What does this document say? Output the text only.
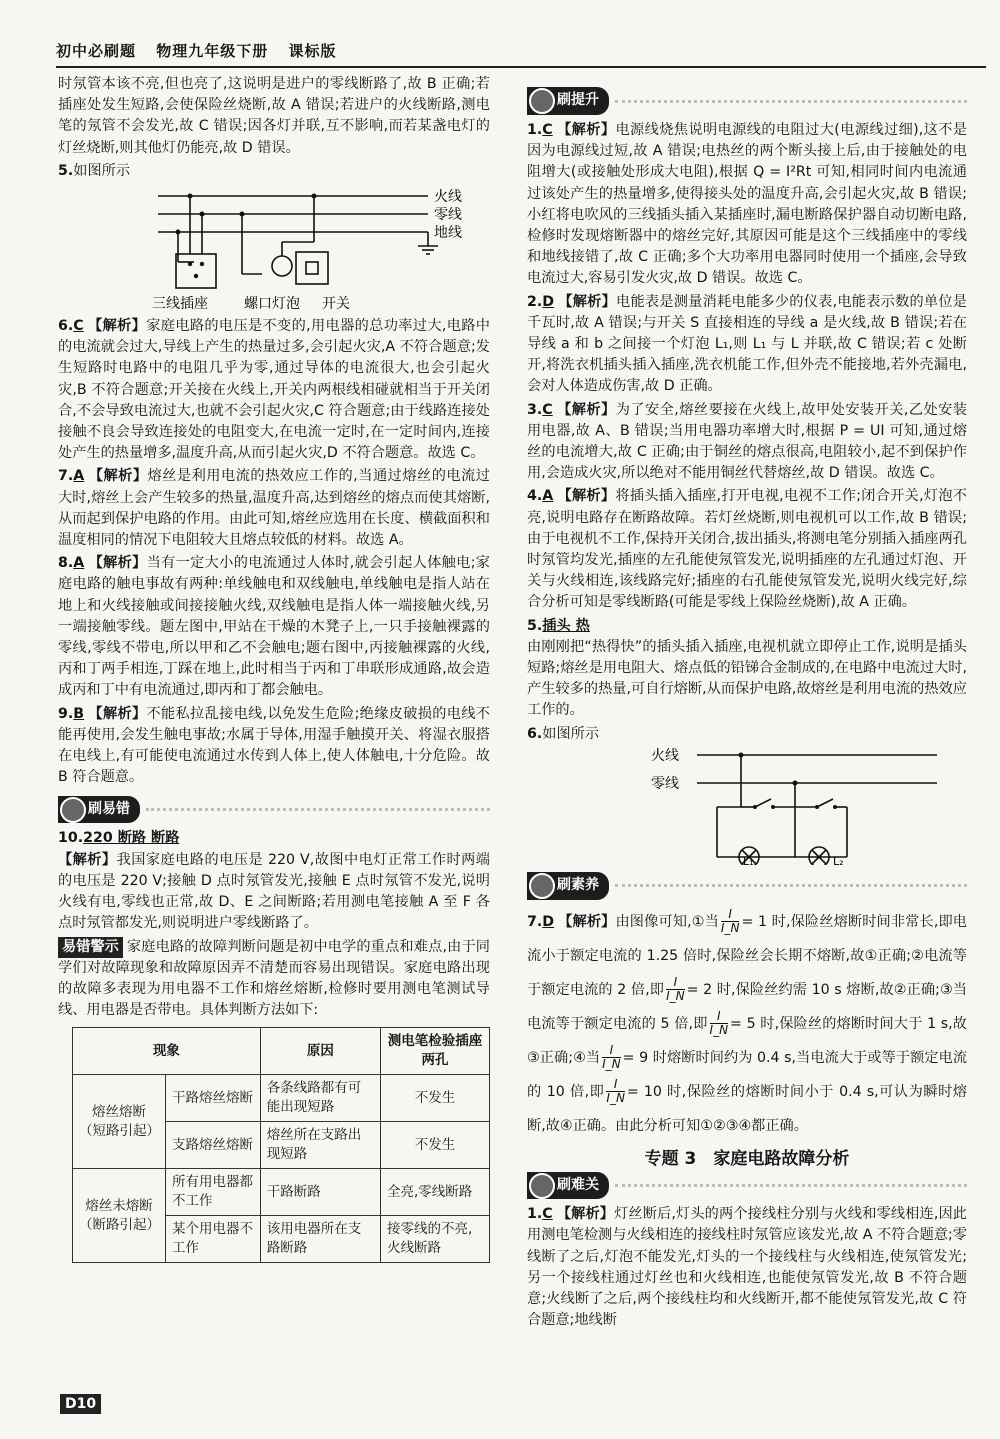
初中必刷题 物理九年级下册 课标版

时氖管本该不亮,但也亮了,这说明是进户的零线断路了,故 B 正确;若插座处发生短路,会使保险丝烧断,故 A 错误;若进户的火线断路,测电笔的氖管不会发光,故 C 错误;因各灯并联,互不影响,而若某盏电灯的灯丝烧断,则其他灯仍能亮,故 D 错误。

5.如图所示

火线
零线
地线
三线插座	螺口灯泡 开关

6.C 【解析】家庭电路的电压是不变的,用电器的总功率过大,电路中的电流就会过大,导线上产生的热量过多,会引起火灾,A 不符合题意;发生短路时电路中的电阻几乎为零,通过导体的电流很大,也会引起火灾,B 不符合题意;开关接在火线上,开关内两根线相碰就相当于开关闭合,不会导致电流过大,也就不会引起火灾,C 符合题意;由于线路连接处接触不良会导致连接处的电阻变大,在电流一定时,在一定时间内,连接处产生的热量增多,温度升高,从而引起火灾,D 不符合题意。故选 C。

7.A 【解析】熔丝是利用电流的热效应工作的,当通过熔丝的电流过大时,熔丝上会产生较多的热量,温度升高,达到熔丝的熔点而使其熔断,从而起到保护电路的作用。由此可知,熔丝应选用在长度、横截面积和温度相同的情况下电阻较大且熔点较低的材料。故选 A。

8.A 【解析】当有一定大小的电流通过人体时,就会引起人体触电;家庭电路的触电事故有两种:单线触电和双线触电,单线触电是指人站在地上和火线接触或间接接触火线,双线触电是指人体一端接触火线,另一端接触零线。题左图中,甲站在干燥的木凳子上,一只手接触裸露的零线,零线不带电,所以甲和乙不会触电;题右图中,丙接触裸露的火线,丙和丁两手相连,丁踩在地上,此时相当于丙和丁串联形成通路,故会造成丙和丁中有电流通过,即丙和丁都会触电。

9.B 【解析】不能私拉乱接电线,以免发生危险;绝缘皮破损的电线不能再使用,会发生触电事故;水属于导体,用湿手触摸开关、将湿衣服搭在电线上,有可能使电流通过水传到人体上,使人体触电,十分危险。故 B 符合题意。

刷易错

10.220 断路 断路

【解析】我国家庭电路的电压是 220 V,故图中电灯正常工作时两端的电压是 220 V;接触 D 点时氖管发光,接触 E 点时氖管不发光,说明火线有电,零线也正常,故 D、E 之间断路;若用测电笔接触 A 至 F 各点时氖管都发光,则说明进户零线断路了。

易错警示 家庭电路的故障判断问题是初中电学的重点和难点,由于同学们对故障现象和故障原因弄不清楚而容易出现错误。家庭电路出现的故障多表现为用电器不工作和熔丝熔断,检修时要用测电笔测试导线、用电器是否带电。具体判断方法如下:

现象		原因	测电笔检验插座两孔
熔丝熔断（短路引起）	干路熔丝熔断	各条线路都有可能出现短路	不发生
	支路熔丝熔断	熔丝所在支路出现短路	不发生
熔丝未熔断（断路引起）	所有用电器都不工作	干路断路	全亮,零线断路
	某个用电器不工作	该用电器所在支路断路	接零线的不亮,火线断路
刷提升

1.C 【解析】电源线烧焦说明电源线的电阻过大(电源线过细),这不是因为电源线过短,故 A 错误;电热丝的两个断头接上后,由于接触处的电阻增大(或接触处形成大电阻),根据 Q = I²Rt 可知,相同时间内电流通过该处产生的热量增多,使得接头处的温度升高,会引起火灾,故 B 错误;小红将电吹风的三线插头插入某插座时,漏电断路保护器自动切断电路,检修时发现熔断器中的熔丝完好,其原因可能是这个三线插座中的零线和地线接错了,故 C 正确;多个大功率用电器同时使用一个插座,会导致电流过大,容易引发火灾,故 D 错误。故选 C。

2.D 【解析】电能表是测量消耗电能多少的仪表,电能表示数的单位是千瓦时,故 A 错误;与开关 S 直接相连的导线 a 是火线,故 B 错误;若在导线 a 和 b 之间接一个灯泡 L₁,则 L₁ 与 L 并联,故 C 错误;若 c 处断开,将洗衣机插头插入插座,洗衣机能工作,但外壳不能接地,若外壳漏电,会对人体造成伤害,故 D 正确。

3.C 【解析】为了安全,熔丝要接在火线上,故甲处安装开关,乙处安装用电器,故 A、B 错误;当用电器功率增大时,根据 P = UI 可知,通过熔丝的电流增大,故 C 正确;由于铜丝的熔点很高,电阻较小,起不到保护作用,会造成火灾,所以绝对不能用铜丝代替熔丝,故 D 错误。故选 C。

4.A 【解析】将插头插入插座,打开电视,电视不工作;闭合开关,灯泡不亮,说明电路存在断路故障。若灯丝烧断,则电视机可以工作,故 B 错误;由于电视机不工作,保持开关闭合,拔出插头,将测电笔分别插入插座两孔时氖管均发光,插座的左孔能使氖管发光,说明插座的左孔通过灯泡、开关与火线相连,该线路完好;插座的右孔能使氖管发光,说明火线完好,综合分析可知是零线断路(可能是零线上保险丝烧断),故 A 正确。

5.插头 热

由刚刚把“热得快”的插头插入插座,电视机就立即停止工作,说明是插头短路;熔丝是用电阻大、熔点低的铅锑合金制成的,在电路中电流过大时,产生较多的热量,可自行熔断,从而保护电路,故熔丝是利用电流的热效应工作的。

6.如图所示

火线
零线
L₁	L₂
刷素养

7.D 【解析】由图像可知,①当 $\frac{I}{I\_N} = 1$ 时,保险丝熔断时间非常长,即电流小于额定电流的 1.25 倍时,保险丝会长期不熔断,故①正确;②电流等于额定电流的 2 倍,即 $\frac{I}{I\_N} = 2$ 时,保险丝约需 10 s 熔断,故②正确;③当电流等于额定电流的 5 倍,即 $\frac{I}{I\_N} = 5$ 时,保险丝的熔断时间大于 1 s,故③正确;④当 $\frac{I}{I\_N} = 9$ 时熔断时间约为 0.4 s,当电流大于或等于额定电流的 10 倍,即 $\frac{I}{I\_N} = 10$ 时,保险丝的熔断时间小于 0.4 s,可认为瞬时熔断,故④正确。由此分析可知①②③④都正确。

专题 3　家庭电路故障分析
刷难关

1.C 【解析】灯丝断后,灯头的两个接线柱分别与火线和零线相连,因此用测电笔检测与火线相连的接线柱时氖管应该发光,故 A 不符合题意;零线断了之后,灯泡不能发光,灯头的一个接线柱与火线相连,使氖管发光;另一个接线柱通过灯丝也和火线相连,也能使氖管发光,故 B 不符合题意;火线断了之后,两个接线柱均和火线断开,都不能使氖管发光,故 C 符合题意;地线断

D10
